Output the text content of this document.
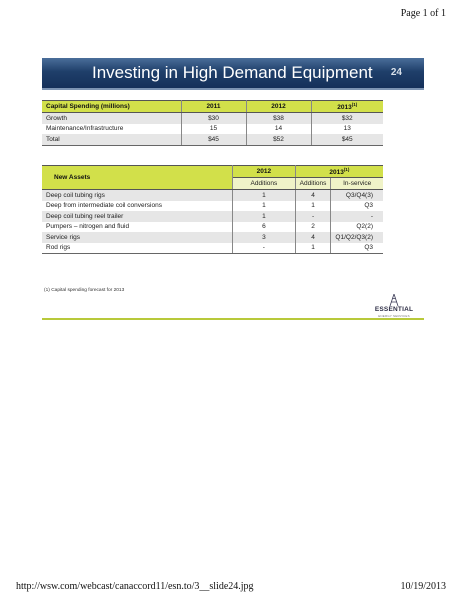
Page 1 of 1
Investing in High Demand Equipment 24
Capital Spending (millions)	2011	2012	2013$^{(1)}$
Growth	$30	$38	$32
Maintenance/Infrastructure	15	14	13
Total	$45	$52	$45
New Assets	2012	2013$^{(1)}$
	Additions	Additions	In-service
Deep coil tubing rigs	1	4	Q3/Q4(3)
Deep from intermediate coil conversions	1	1	Q3
Deep coil tubing reel trailer	1	-	-
Pumpers – nitrogen and fluid	6	2	Q2(2)
Service rigs	3	4	Q1/Q2/Q3(2)
Rod rigs	-	1	Q3
(1) Capital spending forecast for 2013
ESSENTIAL
ENERGY SERVICES
http://wsw.com/webcast/canaccord11/esn.to/3__slide24.jpg	10/19/2013
